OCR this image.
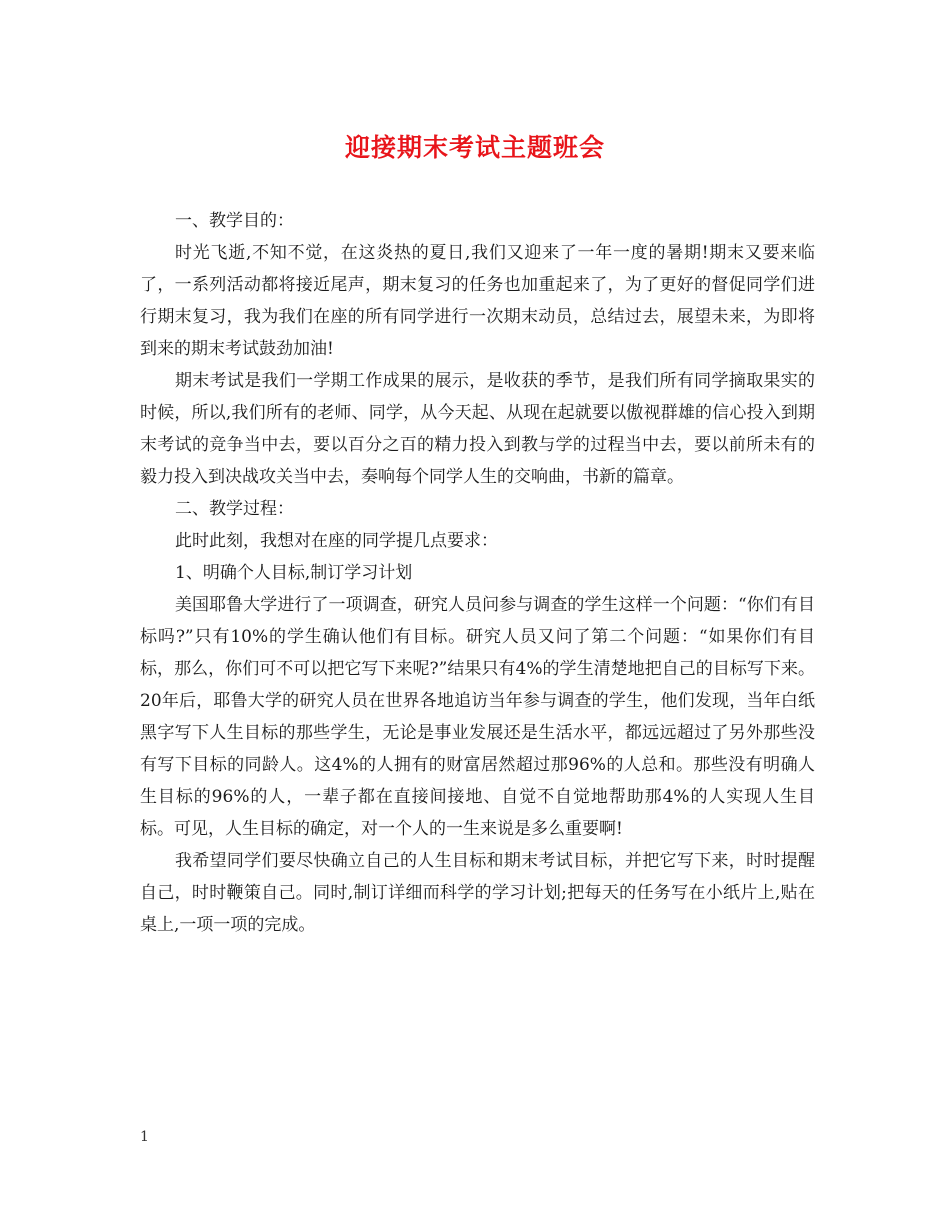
迎接期末考试主题班会

一、教学目的：

时光飞逝,不知不觉，在这炎热的夏日,我们又迎来了一年一度的暑期!期末又要来临了，一系列活动都将接近尾声，期末复习的任务也加重起来了，为了更好的督促同学们进行期末复习，我为我们在座的所有同学进行一次期末动员，总结过去，展望未来，为即将到来的期末考试鼓劲加油!

期末考试是我们一学期工作成果的展示，是收获的季节，是我们所有同学摘取果实的时候，所以,我们所有的老师、同学，从今天起、从现在起就要以傲视群雄的信心投入到期末考试的竞争当中去，要以百分之百的精力投入到教与学的过程当中去，要以前所未有的毅力投入到决战攻关当中去，奏响每个同学人生的交响曲，书新的篇章。

二、教学过程：

此时此刻，我想对在座的同学提几点要求：

1、明确个人目标,制订学习计划

美国耶鲁大学进行了一项调查，研究人员问参与调查的学生这样一个问题：“你们有目标吗?”只有10%的学生确认他们有目标。研究人员又问了第二个问题：“如果你们有目标，那么，你们可不可以把它写下来呢?”结果只有4%的学生清楚地把自己的目标写下来。20年后，耶鲁大学的研究人员在世界各地追访当年参与调查的学生，他们发现，当年白纸黑字写下人生目标的那些学生，无论是事业发展还是生活水平，都远远超过了另外那些没有写下目标的同龄人。这4%的人拥有的财富居然超过那96%的人总和。那些没有明确人生目标的96%的人，一辈子都在直接间接地、自觉不自觉地帮助那4%的人实现人生目标。可见，人生目标的确定，对一个人的一生来说是多么重要啊!

我希望同学们要尽快确立自己的人生目标和期末考试目标，并把它写下来，时时提醒自己，时时鞭策自己。同时,制订详细而科学的学习计划;把每天的任务写在小纸片上,贴在桌上,一项一项的完成。

1
